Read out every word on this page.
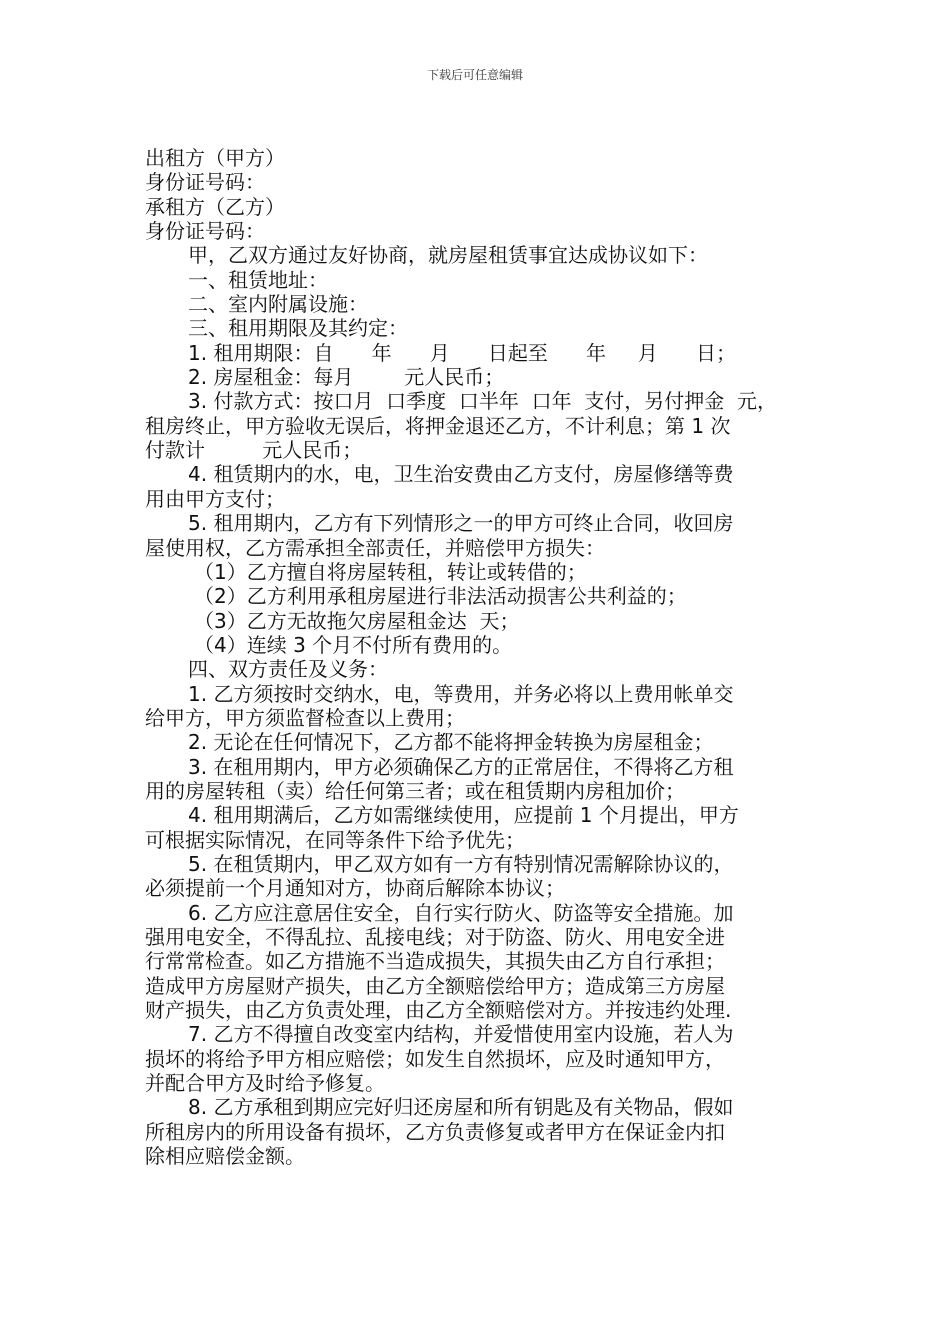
下载后可任意编辑

出租方（甲方）

身份证号码：

承租方（乙方）

身份证号码：

甲，乙双方通过友好协商，就房屋租赁事宜达成协议如下：

一、租赁地址：

二、室内附属设施：

三、租用期限及其约定：

1. 租用期限：自      年      月      日起至      年     月      日；

2. 房屋租金：每月        元人民币；

3. 付款方式：按口月  口季度  口半年  口年  支付，另付押金  元，

租房终止，甲方验收无误后，将押金退还乙方，不计利息；第 1 次

付款计         元人民币；

4. 租赁期内的水，电，卫生治安费由乙方支付，房屋修缮等费

用由甲方支付；

5. 租用期内，乙方有下列情形之一的甲方可终止合同，收回房

屋使用权，乙方需承担全部责任，并赔偿甲方损失：

（1）乙方擅自将房屋转租，转让或转借的；

（2）乙方利用承租房屋进行非法活动损害公共利益的；

（3）乙方无故拖欠房屋租金达  天；

（4）连续 3 个月不付所有费用的。

四、双方责任及义务：

1. 乙方须按时交纳水，电，等费用，并务必将以上费用帐单交

给甲方，甲方须监督检查以上费用；

2. 无论在任何情况下，乙方都不能将押金转换为房屋租金；

3. 在租用期内，甲方必须确保乙方的正常居住，不得将乙方租

用的房屋转租（卖）给任何第三者；或在租赁期内房租加价；

4. 租用期满后，乙方如需继续使用，应提前 1 个月提出，甲方

可根据实际情况，在同等条件下给予优先；

5. 在租赁期内，甲乙双方如有一方有特别情况需解除协议的，

必须提前一个月通知对方，协商后解除本协议；

6. 乙方应注意居住安全，自行实行防火、防盗等安全措施。加

强用电安全，不得乱拉、乱接电线；对于防盗、防火、用电安全进

行常常检查。如乙方措施不当造成损失，其损失由乙方自行承担；

造成甲方房屋财产损失，由乙方全额赔偿给甲方；造成第三方房屋

财产损失，由乙方负责处理，由乙方全额赔偿对方。并按违约处理.

7. 乙方不得擅自改变室内结构，并爱惜使用室内设施，若人为

损坏的将给予甲方相应赔偿；如发生自然损坏，应及时通知甲方，

并配合甲方及时给予修复。

8. 乙方承租到期应完好归还房屋和所有钥匙及有关物品，假如

所租房内的所用设备有损坏，乙方负责修复或者甲方在保证金内扣

除相应赔偿金额。
